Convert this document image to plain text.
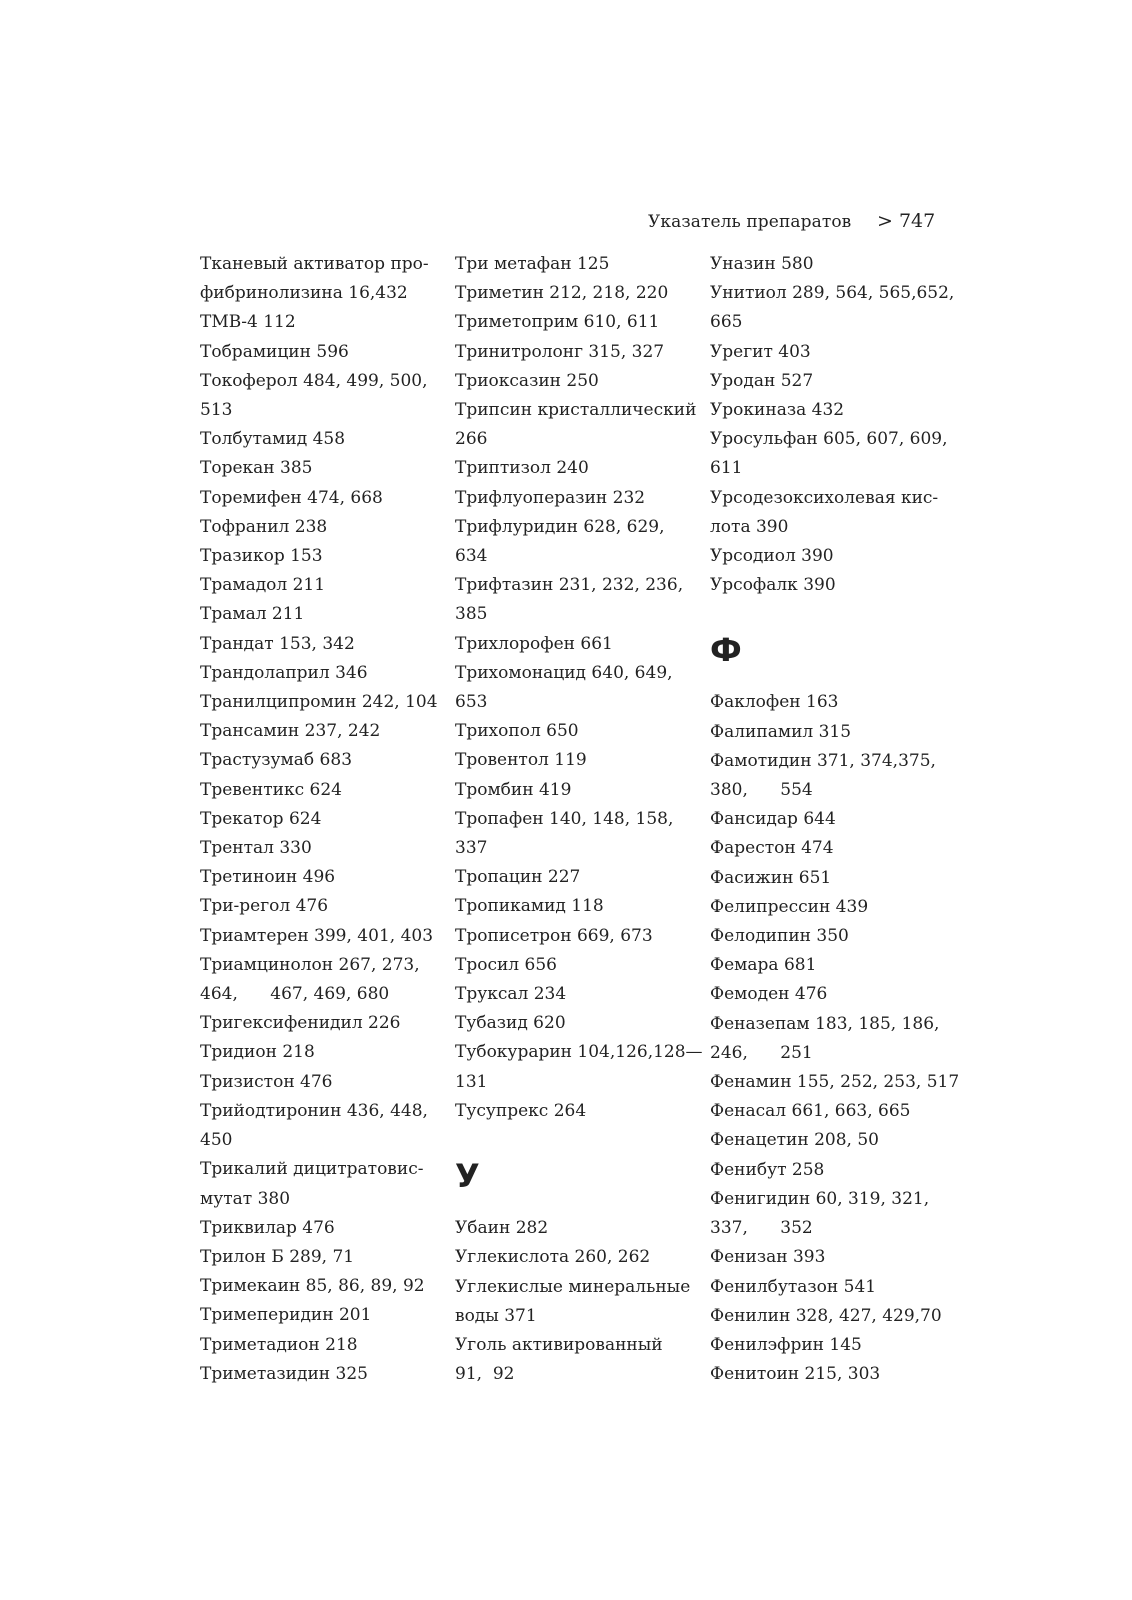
Указатель препаратов > 747
Тканевый активатор про-
фибринолизина 16,432
ТМВ-4 112
Тобрамицин 596
Токоферол 484, 499, 500,
513
Толбутамид 458
Торекан 385
Торемифен 474, 668
Тофранил 238
Тразикор 153
Трамадол 211
Трамал 211
Трандат 153, 342
Трандолаприл 346
Транилципромин 242, 104
Трансамин 237, 242
Трастузумаб 683
Тревентикс 624
Трекатор 624
Трентал 330
Третиноин 496
Три-регол 476
Триамтерен 399, 401, 403
Триамцинолон 267, 273,
464,      467, 469, 680
Тригексифенидил 226
Тридион 218
Тризистон 476
Трийодтиронин 436, 448,
450
Трикалий дицитратовис-
мутат 380
Триквилар 476
Трилон Б 289, 71
Тримекаин 85, 86, 89, 92
Тримеперидин 201
Триметадион 218
Триметазидин 325
Три метафан 125
Триметин 212, 218, 220
Триметоприм 610, 611
Тринитролонг 315, 327
Триоксазин 250
Трипсин кристаллический
266
Триптизол 240
Трифлуоперазин 232
Трифлуридин 628, 629,
634
Трифтазин 231, 232, 236,
385
Трихлорофен 661
Трихомонацид 640, 649,
653
Трихопол 650
Тровентол 119
Тромбин 419
Тропафен 140, 148, 158,
337
Тропацин 227
Тропикамид 118
Трописетрон 669, 673
Тросил 656
Труксал 234
Тубазид 620
Тубокурарин 104,126,128—
131
Тусупрекс 264
У
Убаин 282
Углекислота 260, 262
Углекислые минеральные
воды 371
Уголь активированный
91,  92
Уназин 580
Унитиол 289, 564, 565,652,
665
Урегит 403
Уродан 527
Урокиназа 432
Уросульфан 605, 607, 609,
611
Урсодезоксихолевая кис-
лота 390
Урсодиол 390
Урсофалк 390
Ф
Факлофен 163
Фалипамил 315
Фамотидин 371, 374,375,
380,      554
Фансидар 644
Фарестон 474
Фасижин 651
Фелипрессин 439
Фелодипин 350
Фемара 681
Фемоден 476
Феназепам 183, 185, 186,
246,      251
Фенамин 155, 252, 253, 517
Фенасал 661, 663, 665
Фенацетин 208, 50
Фенибут 258
Фенигидин 60, 319, 321,
337,      352
Фенизан 393
Фенилбутазон 541
Фенилин 328, 427, 429,70
Фенилэфрин 145
Фенитоин 215, 303
